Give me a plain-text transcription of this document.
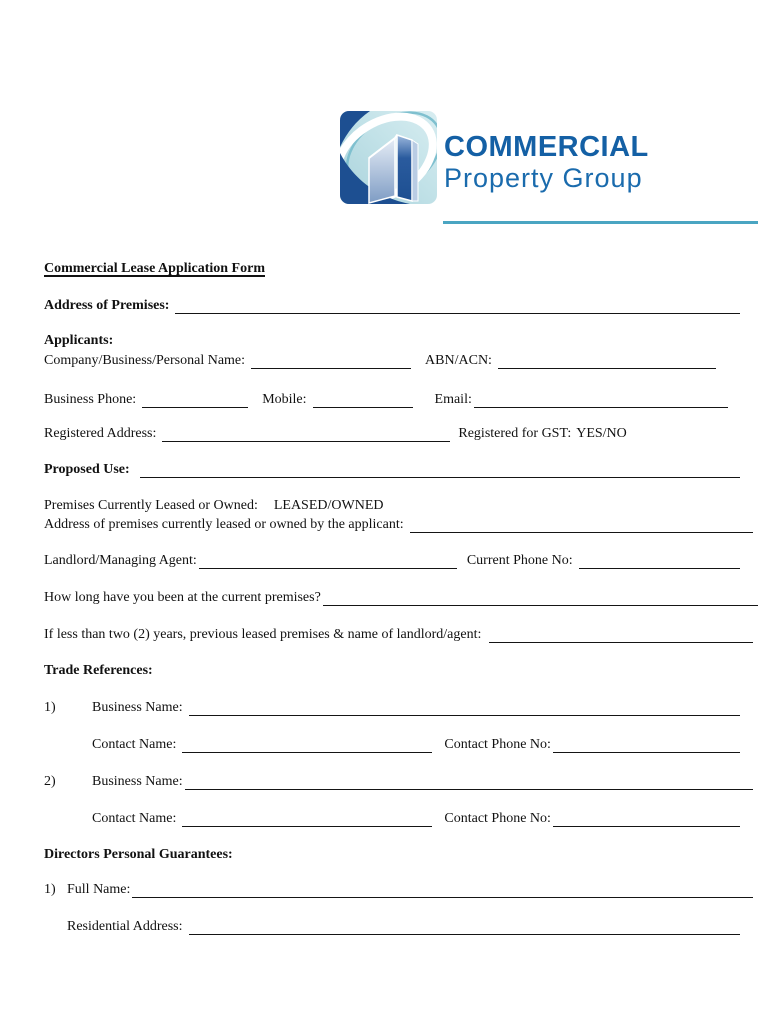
COMMERCIAL
Property Group
Commercial Lease Application Form
Address of Premises:
Applicants:
Company/Business/Personal Name:	ABN/ACN:
Business Phone:	Mobile:	Email:
Registered Address:	Registered for GST: YES/NO
Proposed Use:
Premises Currently Leased or Owned: LEASED/OWNED
Address of premises currently leased or owned by the applicant:
Landlord/Managing Agent:	Current Phone No:
How long have you been at the current premises?
If less than two (2) years, previous leased premises & name of landlord/agent:
Trade References:
1)	Business Name:
Contact Name:	Contact Phone No:
2)	Business Name:
Contact Name:	Contact Phone No:
Directors Personal Guarantees:
1) Full Name:
Residential Address:
